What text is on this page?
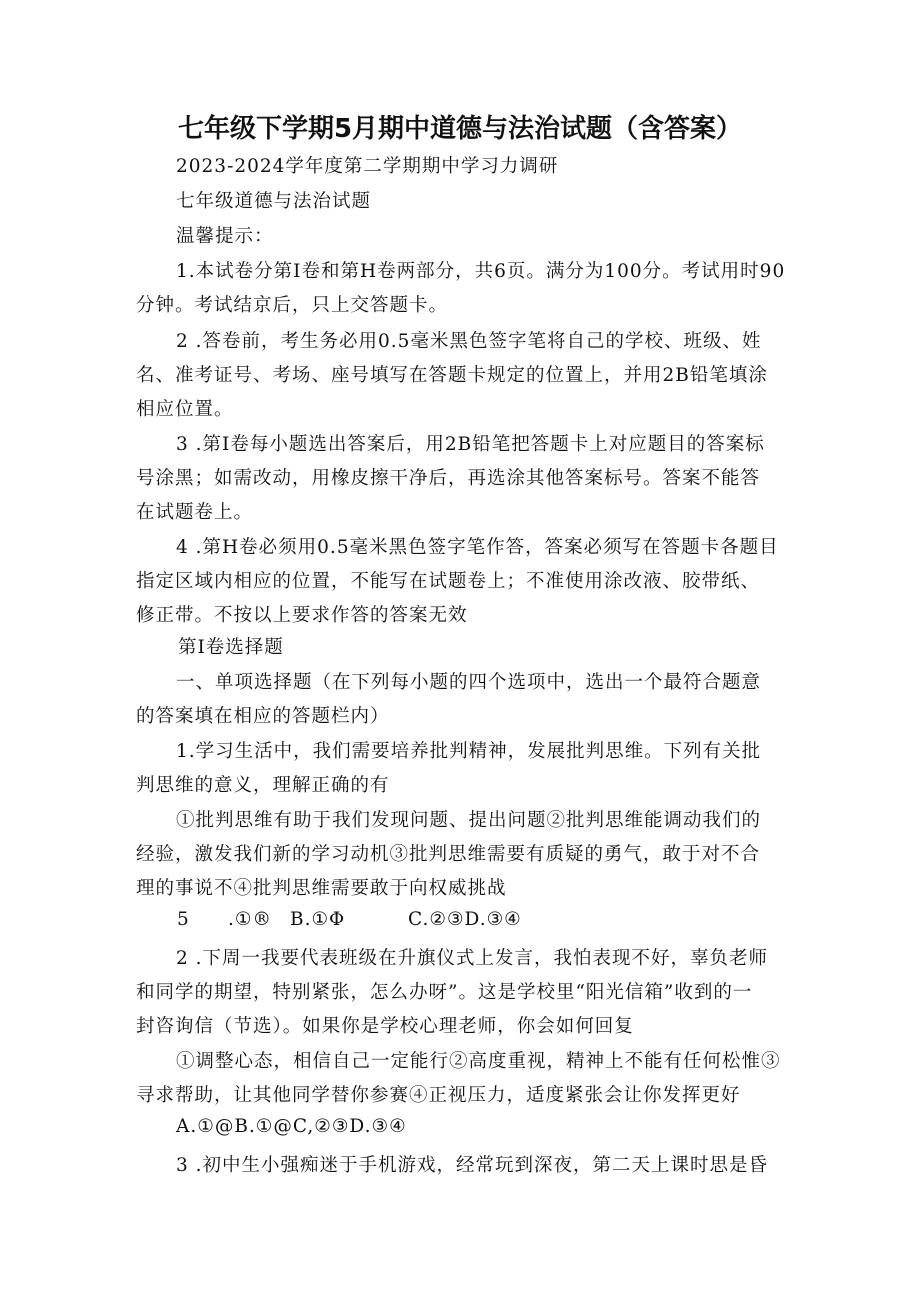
七年级下学期5月期中道德与法治试题（含答案）
2023-2024学年度第二学期期中学习力调研
七年级道德与法治试题
温馨提示：
1.本试卷分第I卷和第H卷两部分，共6页。满分为100分。考试用时90
分钟。考试结京后，只上交答题卡。
2 .答卷前，考生务必用0.5毫米黑色签字笔将自己的学校、班级、姓
名、准考证号、考场、座号填写在答题卡规定的位置上，并用2B铅笔填涂
相应位置。
3 .第I卷每小题选出答案后，用2B铅笔把答题卡上对应题目的答案标
号涂黑；如需改动，用橡皮擦干净后，再选涂其他答案标号。答案不能答
在试题卷上。
4 .第H卷必须用0.5毫米黑色签字笔作答，答案必须写在答题卡各题目
指定区域内相应的位置，不能写在试题卷上；不准使用涂改液、胶带纸、
修正带。不按以上要求作答的答案无效
第I卷选择题
一、单项选择题（在下列每小题的四个选项中，选出一个最符合题意
的答案填在相应的答题栏内）
1.学习生活中，我们需要培养批判精神，发展批判思维。下列有关批
判思维的意义，理解正确的有
①批判思维有助于我们发现问题、提出问题②批判思维能调动我们的
经验，激发我们新的学习动机③批判思维需要有质疑的勇气，敢于对不合
理的事说不④批判思维需要敢于向权威挑战
5 .①® B.①Φ	C.②③D.③④
2 .下周一我要代表班级在升旗仪式上发言，我怕表现不好，辜负老师
和同学的期望，特别紧张，怎么办呀”。这是学校里“阳光信箱”收到的一
封咨询信（节选）。如果你是学校心理老师，你会如何回复
①调整心态，相信自己一定能行②高度重视，精神上不能有任何松惟③
寻求帮助，让其他同学替你参赛④正视压力，适度紧张会让你发挥更好
A.①@B.①@C,②③D.③④
3 .初中生小强痴迷于手机游戏，经常玩到深夜，第二天上课时思是昏
